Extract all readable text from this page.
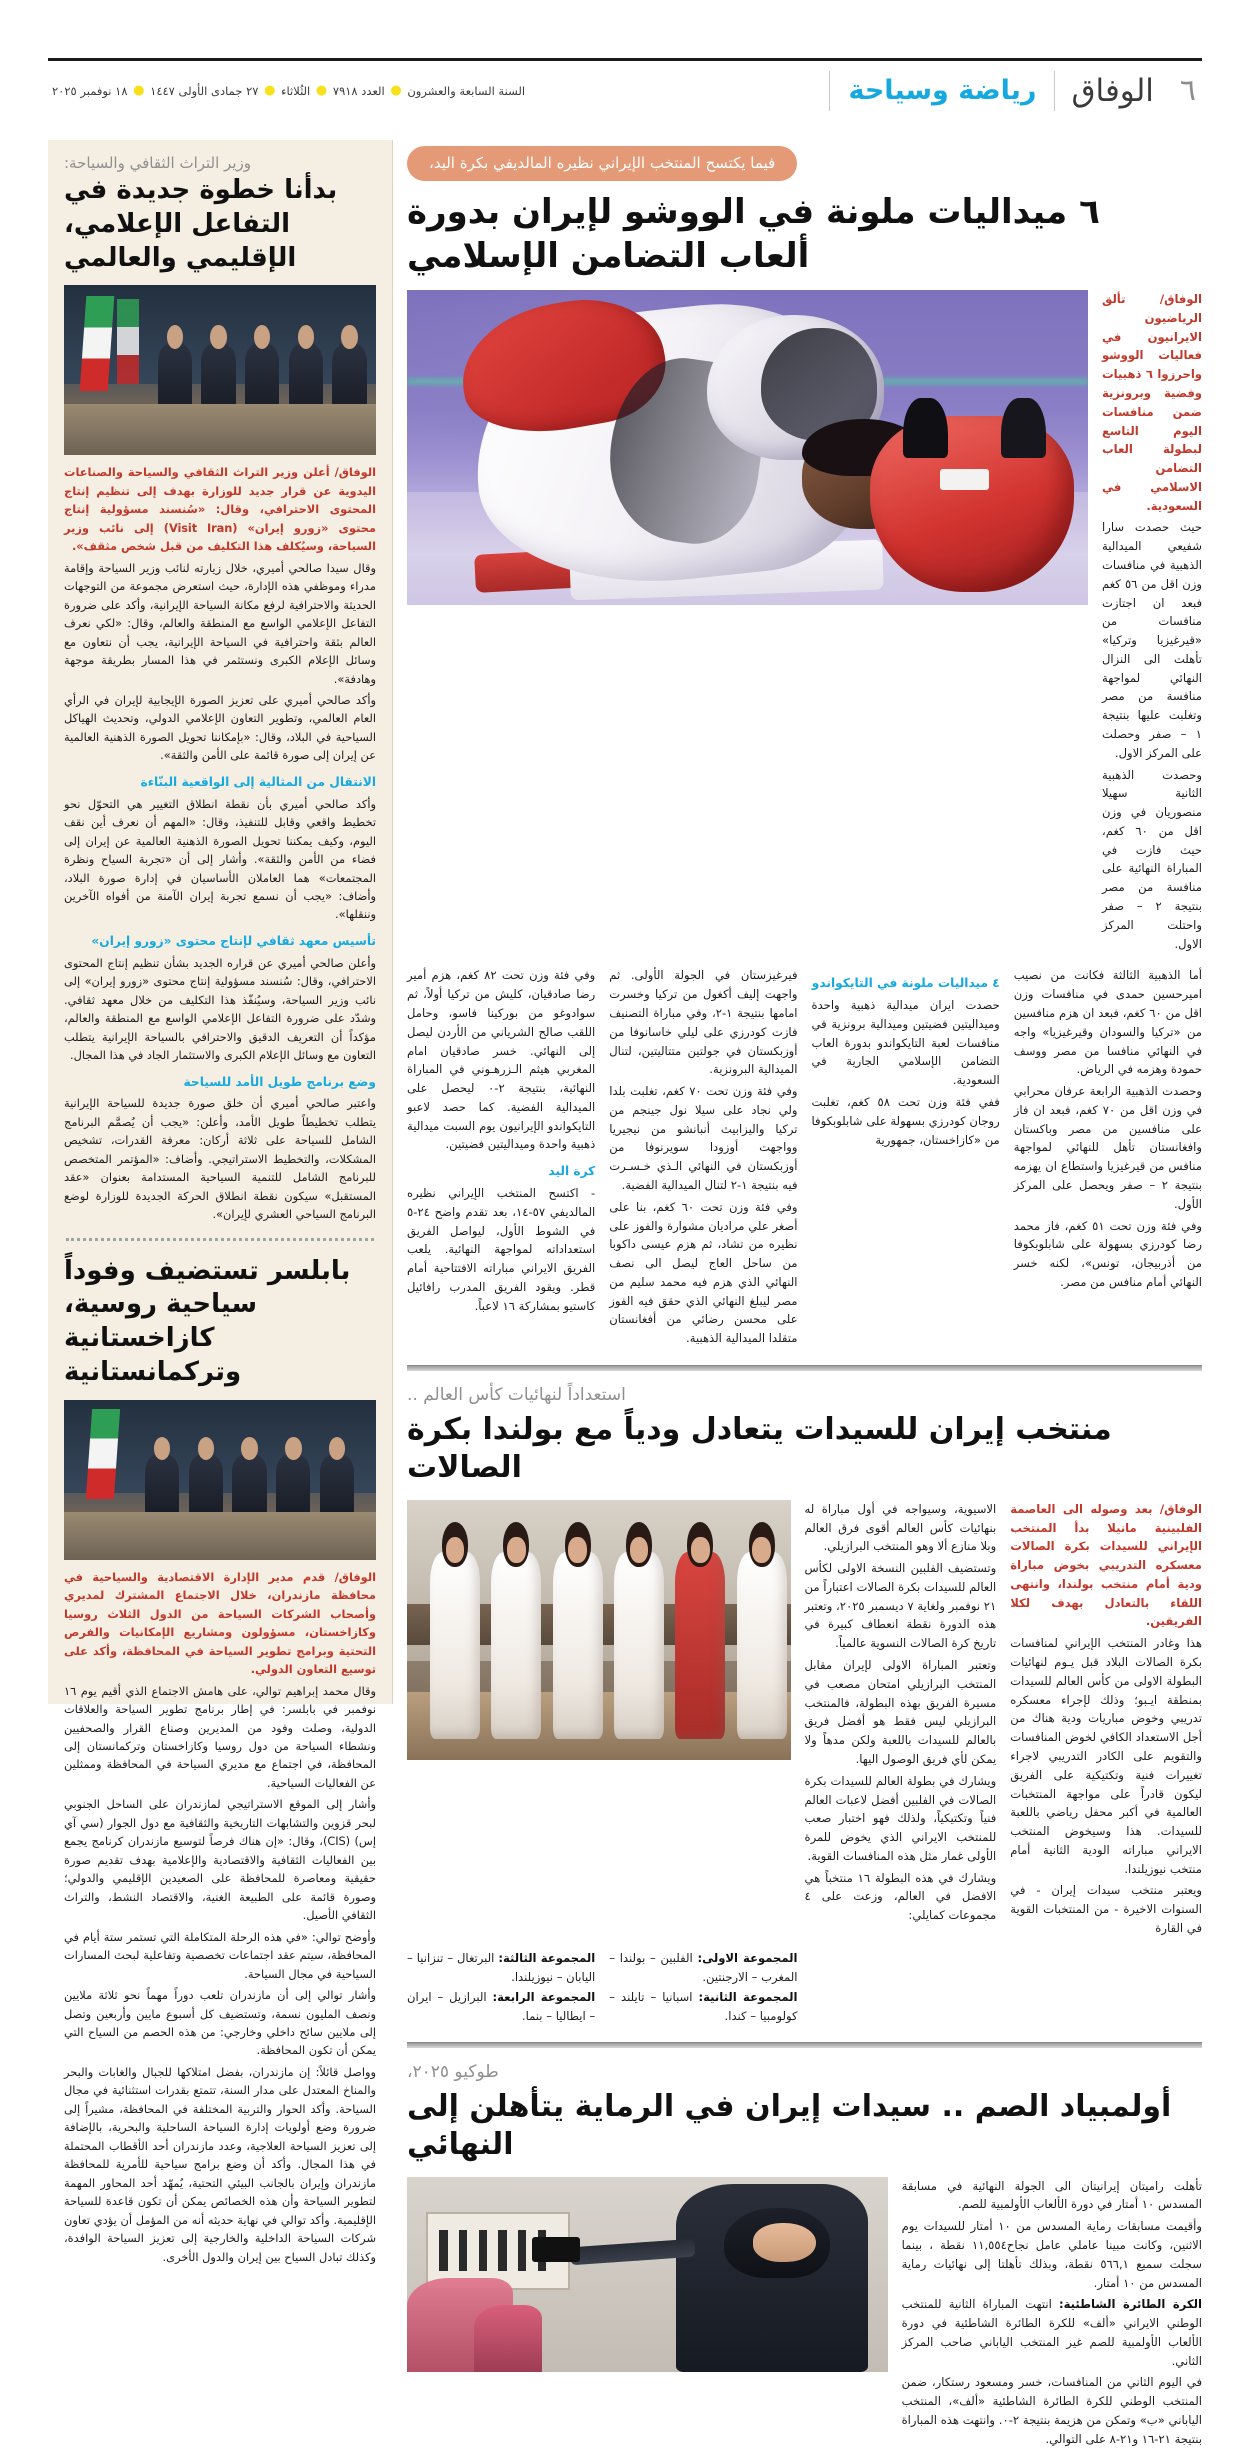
٦
الوفاق
رياضة وسياحة
السنة السابعة والعشرون ● العدد ٧٩١٨ ● الثُلاثاء ● ٢٧ جمادى الأولى ١٤٤٧ ● ١٨ نوفمبر ٢٠٢٥
فيما يكتسح المنتخب الإيراني نظيره المالديفي بكرة اليد،
٦ ميداليات ملونة في الووشو لإيران بدورة ألعاب التضامن الإسلامي

الوفاق/ تألق الرياضيون الايرانيون في فعاليات الووشو واحرزوا ٦ ذهبيات وفضية وبرونزية ضمن منافسات اليوم التاسع لبطولة العاب التضامن الاسلامي في السعودية.

حيث حصدت سارا شفيعي الميدالية الذهبية في منافسات وزن اقل من ٥٦ كغم فبعد ان اجتازت منافسات من «قيرغيزيا وتركيا» تأهلت الى النزال النهائي لمواجهة منافسة من مصر وتغلبت عليها بنتيجة ١ – صفر وحصلت على المركز الاول.

وحصدت الذهبية الثانية سهيلا منصوريان في وزن اقل من ٦٠ كغم، حيث فازت في المباراة النهائية على منافسة من مصر بنتيجة ٢ – صفر واحتلت المركز الاول.

أما الذهبية الثالثة فكانت من نصيب امیرحسین حمدی في منافسات وزن اقل من ٦٠ كغم، فبعد ان هزم منافسين من «تركيا والسودان وقيرغيزيا» واجه في النهائي منافسا من مصر ووسف حمودة وهزمه في الرياض.

وحصدت الذهبية الرابعة عرفان محرابي في وزن اقل من ٧٠ كغم، فبعد ان فاز على منافسين من مصر وباكستان وافغانستان تأهل للنهائي لمواجهة منافس من قيرغيزيا واستطاع ان يهزمه بنتيجة ٢ – صفر ويحصل على المركز الأول.

وفي فئة وزن تحت ٥١ كغم، فاز محمد رضا كودرزي بسهولة على شابلوبكوفا من أذربيجان، تونس»، لكنه خسر النهائي أمام منافس من مصر.

٤ ميداليات ملونة في التايكواندو

حصدت ايران ميدالية ذهبية واحدة وميداليتين فضيتين وميدالية برونزية في منافسات لعبة التايكواندو بدورة العاب التضامن الإسلامي الجارية في السعودية.

ففي فئة وزن تحت ٥٨ كغم، تغلبت روجان كودرزي بسهولة على شابلوبكوفا من «كازاخستان، جمهورية

فيرغيزستان في الجولة الأولى. ثم واجهت إليف أكغول من تركيا وخسرت امامها بنتيجة ١-٢، وفي مباراة التصنيف فازت كودرزي على لیلي خاسانوفا من أوزبكستان في جولتين متتاليتين، لتنال الميدالية البرونزية.

وفي فئة وزن تحت ٧٠ كغم، تغلبت بلدا ولي نجاد على سیلا نول جينجم من تركيا والیزابیث أنبانشو من نيجيريا وواجهت أوزودا سويرنوفا من أوزبكستان في النهائي الـذي خـسـرت فيه بنتيجة ١-٢ لتنال الميدالية الفضية.

وفي فئة وزن تحت ٦٠ كغم، بنا على أصغر علي مرادیان مشوارة والفوز على نظيره من تشاد، ثم هزم عيسى داكوبا من ساحل العاج ليصل الى نصف النهائي الذي هزم فيه محمد سليم من مصر ليبلغ النهائي الذي حقق فيه الفوز على محسن رضائي من أفغانستان متقلدا الميدالية الذهبية.

وفي فئة وزن تحت ٨٢ كغم، هزم أمير رضا صادقيان، كليش من تركيا أولاً، ثم سوادوغو من بوركينا فاسو، وحامل اللقب صالح الشرياني من الأردن ليصل إلى النهائي. خسر صادقيان امام المغربي هيثم الـزرهـوني في المباراة النهائية، بنتيجة ٢-٠ ليحصل على الميدالية الفضية. كما حصد لاعبو التايكواندو الإيرانيون يوم السبت ميدالية ذهبية واحدة وميداليتين فضيتين.

كرة اليد

- اكتسح المنتخب الإيراني نظيره المالديفي ٥٧-١٤، بعد تقدم واضح ٢٤-٥ في الشوط الأول، ليواصل الفريق استعداداته لمواجهة النهائية. يلعب الفريق الايراني مباراته الافتتاحية أمام قطر. ويقود الفريق المدرب رافائيل كاستيو بمشاركة ١٦ لاعباً.

استعداداً لنهائيات كأس العالم ..
منتخب إيران للسيدات يتعادل ودياً مع بولندا بكرة الصالات

الوفاق/ بعد وصوله الى العاصمة الفلبينية مانيلا بدأ المنتخب الإيراني للسيدات بكرة الصالات معسكره التدريبي بخوض مباراة ودية أمام منتخب بولندا، وانتهى اللقاء بالتعادل بهدف لكلا الفريقين.

هذا وغادر المنتخب الإيراني لمنافسات بكرة الصالات البلاد قبل يـوم لنهائيات البطولة الاولى من كأس العالم للسيدات بمنطقة ايـبو؛ وذلك لإجراء معسكره تدريبي وخوض مباريات ودية هناك من أجل الاستعداد الكافي لخوض المنافسات والتقويم على الكادر التدريبي لاجراء تغييرات فنية وتكتيكية على الفريق ليكون قادراً على مواجهة المنتخبات العالمية في أكبر محفل رياضي باللعبة للسيدات. هذا وسيخوض المنتخب الايراني مباراته الودية الثانية أمام منتخب نيوزيلندا.

ويعتبر منتخب سيدات إيران - في السنوات الاخيرة - من المنتخبات القوية في القارة

الاسيوية، وسيواجه في أول مباراة له بنهائيات كأس العالم أقوى فرق العالم وبلا منازع ألا وهو المنتخب البرازيلي.

وتستضيف الفلبين النسخة الاولى لكأس العالم للسيدات بكرة الصالات اعتباراً من ٢١ نوفمبر ولغاية ٧ ديسمبر ٢٠٢٥، وتعتبر هذه الدورة نقطة انعطاف كبيرة في تاريخ كرة الصالات النسوية عالمياً.

وتعتبر المباراة الاولى لإيران مقابل المنتخب البرازيلي امتحان مصعب في مسيرة الفريق بهذه البطولة، فالمنتخب البرازيلي ليس فقط هو أفضل فريق بالعالم للسيدات باللعبة ولكن مدهاً ولا يمكن لأي فريق الوصول اليها.

ويشارك في بطولة العالم للسيدات بكرة الصالات في الفلبين أفضل لاعبات العالم فنياً وتكتيكياً، ولذلك فهو اختبار صعب للمنتخب الايراني الذي يخوض للمرة الأولى غمار مثل هذه المنافسات القوية.

ويشارك في هذه البطولة ١٦ منتخباً هي الافضل في العالم، وزعت على ٤ مجموعات كمايلي:

المجموعة الاولى: الفلبين – بولندا – المغرب – الارجنتين.

المجموعة الثانية: اسبانيا – تايلند – كولومبيا – كندا.

المجموعة الثالثة: البرتغال – تنزانيا – اليابان – نيوزيلندا.

المجموعة الرابعة: البرازيل – ايران – ايطاليا – بنما.

طوكيو ٢٠٢٥،
أولمبياد الصم .. سيدات إيران في الرماية يتأهلن إلى النهائي

تأهلت راميتان إيرانيتان الى الجولة النهائية في مسابقة المسدس ١٠ أمتار في دورة الألعاب الأولمبية للصم.

وأقيمت مسابقات رماية المسدس من ١٠ أمتار للسيدات يوم الاثنين، وكانت مبينا عاملي عامل نجاح١١,٥٥٤ نقطة ، بينما سجلت سمیع ٥٦٦,١ نقطة، وبذلك تأهلتا إلى نهائيات رماية المسدس من ١٠ أمتار.

الكرة الطائرة الشاطئية: انتهت المباراة الثانية للمنتخب الوطني الايراني «ألف» للكرة الطائرة الشاطئية في دورة الألعاب الأولمبية للصم غير المنتخب الياباني صاحب المركز الثاني.

في اليوم الثاني من المنافسات، خسر ومسعود رستكار، ضمن المنتخب الوطني للكرة الطائرة الشاطئية «ألف»، المنتخب الياباني «ب» وتمكن من هزيمة بنتيجة ٢-٠. وانتهت هذه المباراة بنتيجة ٢١-١٦ و٢١-٨ على التوالي.

وزير التراث الثقافي والسياحة:
بدأنا خطوة جديدة في التفاعل الإعلامي، الإقليمي والعالمي

الوفاق/ أعلن وزير التراث الثقافي والسياحة والصناعات اليدوية عن قرار جديد للوزارة بهدف إلى تنظيم إنتاج المحتوى الاحترافي، وقال: «سُنسند مسؤولية إنتاج محتوى «زورو إيران» (Visit Iran) إلى نائب وزير السياحة، وسيُكلف هذا التكليف من قبل شخص مثقف».

وقال سيدا صالحي أميري، خلال زيارته لنائب وزير السياحة وإقامة مدراء وموظفي هذه الإدارة، حيث استعرض مجموعة من التوجهات الحديثة والاحترافية لرفع مكانة السياحة الإيرانية، وأكد على ضرورة التفاعل الإعلامي الواسع مع المنطقة والعالم، وقال: «لكي نعرف العالم بثقة واحترافية في السياحة الإيرانية، يجب أن نتعاون مع وسائل الإعلام الكبرى ونستثمر في هذا المسار بطريقة موجهة وهادفة».

وأكد صالحي أميري على تعزيز الصورة الإيجابية لإيران في الرأي العام العالمي، وتطوير التعاون الإعلامي الدولي، وتحديث الهياكل السياحية في البلاد، وقال: «بإمكاننا تحويل الصورة الذهنية العالمية عن إيران إلى صورة قائمة على الأمن والثقة».

الانتقال من المثالية إلى الواقعية البنّاءة

وأكد صالحي أميري بأن نقطة انطلاق التغيير هي التحوّل نحو تخطيط واقعي وقابل للتنفيذ، وقال: «المهم أن نعرف أين نقف اليوم، وكيف يمكننا تحويل الصورة الذهنية العالمية عن إيران إلى فضاء من الأمن والثقة». وأشار إلى أن «تجربة السياح ونظرة المجتمعات» هما العاملان الأساسيان في إدارة صورة البلاد، وأضاف: «يجب أن نسمع تجربة إيران الآمنة من أفواه الآخرين وننقلها».

تأسيس معهد ثقافي لإنتاج محتوى «زورو إيران»

وأعلن صالحي أميري عن قراره الجديد بشأن تنظيم إنتاج المحتوى الاحترافي، وقال: سُنسند مسؤولية إنتاج محتوى «زورو إيران» إلى نائب وزير السياحة، وسيُنفّذ هذا التكليف من خلال معهد ثقافي. وشدّد على ضرورة التفاعل الإعلامي الواسع مع المنطقة والعالم، مؤكداً أن التعريف الدقيق والاحترافي بالسياحة الإيرانية يتطلب التعاون مع وسائل الإعلام الكبرى والاستثمار الجاد في هذا المجال.

وضع برنامج طويل الأمد للسياحة

واعتبر صالحي أميري أن خلق صورة جديدة للسياحة الإيرانية يتطلب تخطيطاً طويل الأمد، وأعلن: «يجب أن يُصمَّم البرنامج الشامل للسياحة على ثلاثة أركان: معرفة القدرات، تشخيص المشكلات، والتخطيط الاستراتيجي. وأضاف: «المؤتمر المتخصص للبرنامج الشامل للتنمية السياحية المستدامة بعنوان «عقد المستقبل» سيكون نقطة انطلاق الحركة الجديدة للوزارة لوضع البرنامج السياحي العشري لإيران».

بابلسر تستضيف وفوداً سياحية روسية، كازاخستانية وتركمانستانية

الوفاق/ قدم مدير الإدارة الاقتصادية والسياحية في محافظة مازندران، خلال الاجتماع المشترك لمديري وأصحاب الشركات السياحة من الدول الثلاث روسيا وكازاخستان، مسؤولون ومشاريع الإمكانيات والفرص التحتية وبرامج تطوير السياحة في المحافظة، وأكد على توسيع التعاون الدولي.

وقال محمد إبراهيم توالي، على هامش الاجتماع الذي أقيم يوم ١٦ نوفمبر في بابلسر: في إطار برنامج تطوير السياحة والعلاقات الدولية، وصلت وفود من المديرين وصناع القرار والصحفيين ونشطاء السياحة من دول روسيا وكازاخستان وتركمانستان إلى المحافظة، في اجتماع مع مديري السياحة في المحافظة وممثلين عن الفعاليات السياحية.

وأشار إلى الموقع الاستراتيجي لمازندران على الساحل الجنوبي لبحر قزوين والتشابهات التاريخية والثقافية مع دول الجوار (سي آي إس) (CIS)، وقال: «إن هناك فرصاً لتوسيع مازندران كرنامج يجمع بين الفعاليات الثقافية والاقتصادية والإعلامية بهدف تقديم صورة حقيقية ومعاصرة للمحافظة على الصعيدين الإقليمي والدولي؛ وصورة قائمة على الطبيعة الغنية، والاقتصاد النشط، والتراث الثقافي الأصيل.

وأوضح توالي: «في هذه الرحلة المتكاملة التي تستمر ستة أيام في المحافظة، سيتم عقد اجتماعات تخصصية وتفاعلية لبحث المسارات السياحية في مجال السياحة.

وأشار توالي إلى أن مازندران تلعب دوراً مهماً نحو ثلاثة ملايين ونصف المليون نسمة، وتستضيف كل أسبوع مايين وأربعين وتصل إلى ملايين سائح داخلي وخارجي: من هذه الحصم من السياح التي يمكن أن تكون المحافظة.

وواصل قائلاً: إن مازندران، بفضل امتلاكها للجبال والغابات والبحر والمناخ المعتدل على مدار السنة، تتمتع بقدرات استثنائية في مجال السياحة. وأكد الحوار والتربية المختلفة في المحافظة، مشيراً إلى ضرورة وضع أولويات إدارة السياحة الساحلية والبحرية، بالإضافة إلى تعزيز السياحة العلاجية، وعدد مازندران أحد الأقطاب المحتملة في هذا المجال. وأكد أن وضع برامج سياحية للأمرية للمحافظة مازندران وإيران بالجانب البيئي التحتية، يُمهّد أحد المحاور المهمة لتطوير السياحة وأن هذه الخصائص يمكن أن تكون قاعدة للسياحة الإقليمية. وأكد توالي في نهاية حديثه أنه من المؤمل أن يؤدي تعاون شركات السياحة الداخلية والخارجية إلى تعزيز السياحة الوافدة، وكذلك تبادل السياح بين إيران والدول الأخرى.
